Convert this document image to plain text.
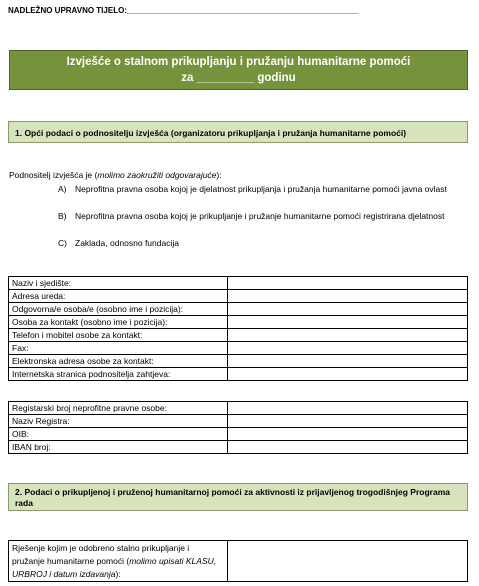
NADLEŽNO UPRAVNO TIJELO:____________________________________________________
Izvješće o stalnom prikupljanju i pružanju humanitarne pomoći
za _________ godinu
1. Opći podaci o podnositelju izvješća (organizatoru prikupljanja i pružanja humanitarne pomoći)
Podnositelj izvješća je (molimo zaokružiti odgovarajuće):
A) Neprofitna pravna osoba kojoj je djelatnost prikupljanja i pružanja humanitarne pomoći javna ovlast
B) Neprofitna pravna osoba kojoj je prikupljanje i pružanje humanitarne pomoći registrirana djelatnost
C) Zaklada, odnosno fundacija
Naziv i sjedište:	
Adresa ureda:	
Odgovorna/e osoba/e (osobno ime i pozicija):	
Osoba za kontakt (osobno ime i pozicija):	
Telefon i mobitel osobe za kontakt:	
Fax:	
Elektronska adresa osobe za kontakt:	
Internetska stranica podnositelja zahtjeva:	
Registarski broj neprofitne pravne osobe:	
Naziv Registra:	
OIB:	
IBAN broj:	
2. Podaci o prikupljenoj i pruženoj humanitarnoj pomoći za aktivnosti iz prijavljenog trogodišnjeg Programa rada
Rješenje kojim je odobreno stalno prikupljanje i pružanje humanitarne pomoći (molimo upisati KLASU, URBROJ i datum izdavanja):	
